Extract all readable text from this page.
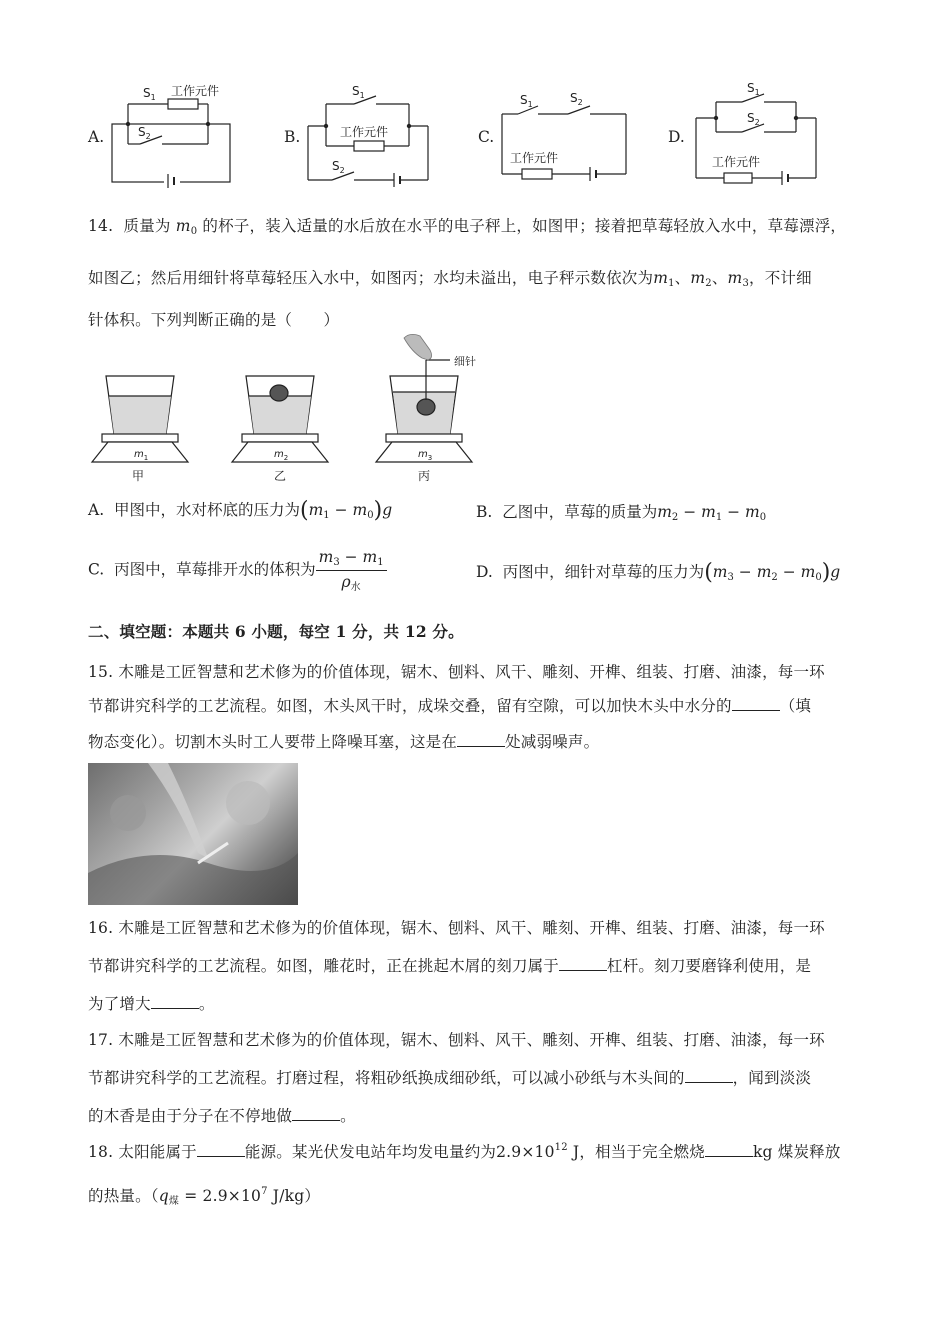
A.
$S_1$ 工作元件
$S_2$	B.
$S_1$
工作元件
$S_2$
C.
$S_1$	$S_2$
工作元件
D.
$S_1$
$S_2$
工作元件
14. 质量为 $m_0$ 的杯子，装入适量的水后放在水平的电子秤上，如图甲；接着把草莓轻放入水中，草莓漂浮，
如图乙；然后用细针将草莓轻压入水中，如图丙；水均未溢出，电子秤示数依次为$m_1$、$m_2$、$m_3$，不计细
针体积。下列判断正确的是（　　）
细针
$m_1$	$m_2$	$m_3$
甲	乙	丙
A. 甲图中，水对杯底的压力为$(m_1 - m_0)g$	B. 乙图中，草莓的质量为$m_2 - m_1 - m_0$
C. 丙图中，草莓排开水的体积为 $\frac{m_3 - m_1}{\rho_水}$	D. 丙图中，细针对草莓的压力为$(m_3 - m_2 - m_0)g$
二、填空题：本题共 6 小题，每空 1 分，共 12 分。
15. 木雕是工匠智慧和艺术修为的价值体现，锯木、刨料、风干、雕刻、开榫、组装、打磨、油漆，每一环
节都讲究科学的工艺流程。如图，木头风干时，成垛交叠，留有空隙，可以加快木头中水分的	（填
物态变化）。切割木头时工人要带上降噪耳塞，这是在	处减弱噪声。
16. 木雕是工匠智慧和艺术修为的价值体现，锯木、刨料、风干、雕刻、开榫、组装、打磨、油漆，每一环
节都讲究科学的工艺流程。如图，雕花时，正在挑起木屑的刻刀属于	杠杆。刻刀要磨锋利使用，是
为了增大	。
17. 木雕是工匠智慧和艺术修为的价值体现，锯木、刨料、风干、雕刻、开榫、组装、打磨、油漆，每一环
节都讲究科学的工艺流程。打磨过程，将粗砂纸换成细砂纸，可以减小砂纸与木头间的	，闻到淡淡
的木香是由于分子在不停地做	。
18. 太阳能属于	能源。某光伏发电站年均发电量约为$2.9\times 10^{12}$ J，相当于完全燃烧	kg 煤炭释放
的热量。（$q_煤 = 2.9\times 10^7$ J/kg）
